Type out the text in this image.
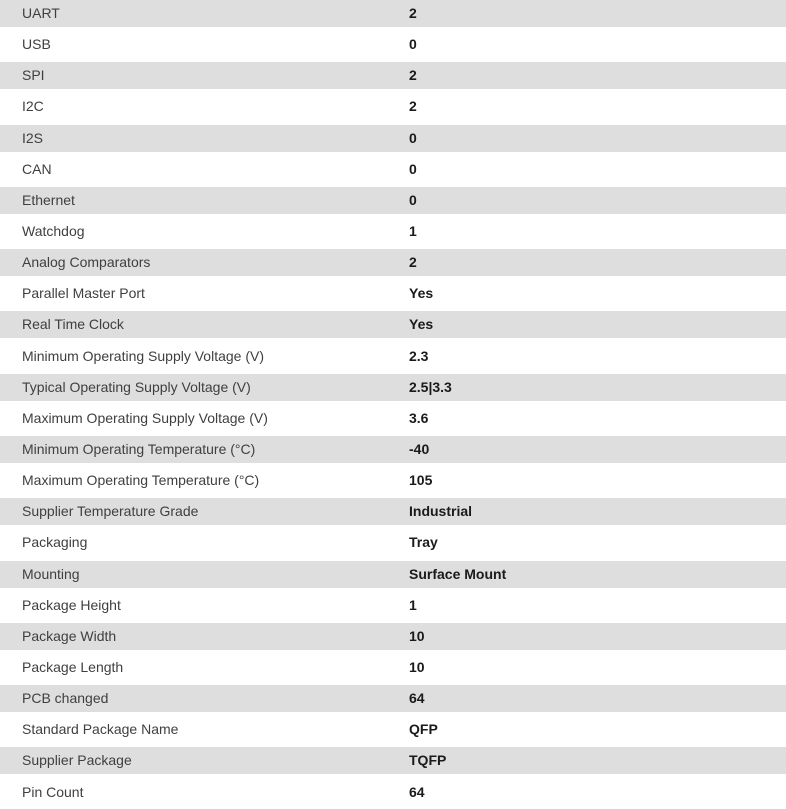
UART	2
USB	0
SPI	2
I2C	2
I2S	0
CAN	0
Ethernet	0
Watchdog	1
Analog Comparators	2
Parallel Master Port	Yes
Real Time Clock	Yes
Minimum Operating Supply Voltage (V)	2.3
Typical Operating Supply Voltage (V)	2.5|3.3
Maximum Operating Supply Voltage (V)	3.6
Minimum Operating Temperature (°C)	-40
Maximum Operating Temperature (°C)	105
Supplier Temperature Grade	Industrial
Packaging	Tray
Mounting	Surface Mount
Package Height	1
Package Width	10
Package Length	10
PCB changed	64
Standard Package Name	QFP
Supplier Package	TQFP
Pin Count	64
